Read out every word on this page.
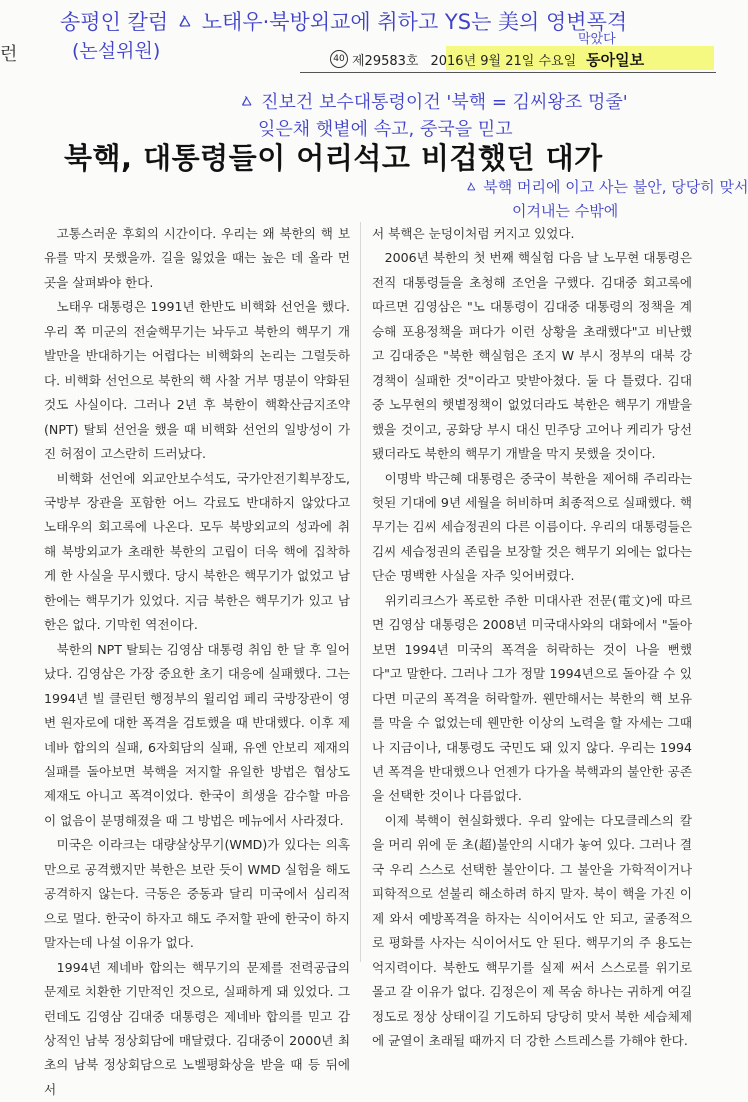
런
송평인 칼럼 ㅿ 노태우·북방외교에 취하고 YS는 美의 영변폭격
(논설위원)
막았다
40 제29583호 2016년 9월 21일 수요일 동아일보
ㅿ 진보건 보수대통령이건 '북핵 = 김씨왕조 멍줄'
잊은채 햇볕에 속고, 중국을 믿고
북핵, 대통령들이 어리석고 비겁했던 대가
ㅿ 북핵 머리에 이고 사는 불안, 당당히 맞서
이겨내는 수밖에

고통스러운 후회의 시간이다. 우리는 왜 북한의 핵 보유를 막지 못했을까. 길을 잃었을 때는 높은 데 올라 먼 곳을 살펴봐야 한다.

노태우 대통령은 1991년 한반도 비핵화 선언을 했다. 우리 쪽 미군의 전술핵무기는 놔두고 북한의 핵무기 개발만을 반대하기는 어렵다는 비핵화의 논리는 그럴듯하다. 비핵화 선언으로 북한의 핵 사찰 거부 명분이 약화된 것도 사실이다. 그러나 2년 후 북한이 핵확산금지조약(NPT) 탈퇴 선언을 했을 때 비핵화 선언의 일방성이 가진 허점이 고스란히 드러났다.

비핵화 선언에 외교안보수석도, 국가안전기획부장도, 국방부 장관을 포함한 어느 각료도 반대하지 않았다고 노태우의 회고록에 나온다. 모두 북방외교의 성과에 취해 북방외교가 초래한 북한의 고립이 더욱 핵에 집착하게 한 사실을 무시했다. 당시 북한은 핵무기가 없었고 남한에는 핵무기가 있었다. 지금 북한은 핵무기가 있고 남한은 없다. 기막힌 역전이다.

북한의 NPT 탈퇴는 김영삼 대통령 취임 한 달 후 일어났다. 김영삼은 가장 중요한 초기 대응에 실패했다. 그는 1994년 빌 클린턴 행정부의 윌리엄 페리 국방장관이 영변 원자로에 대한 폭격을 검토했을 때 반대했다. 이후 제네바 합의의 실패, 6자회담의 실패, 유엔 안보리 제재의 실패를 돌아보면 북핵을 저지할 유일한 방법은 협상도 제재도 아니고 폭격이었다. 한국이 희생을 감수할 마음이 없음이 분명해졌을 때 그 방법은 메뉴에서 사라졌다.

미국은 이라크는 대량살상무기(WMD)가 있다는 의혹만으로 공격했지만 북한은 보란 듯이 WMD 실험을 해도 공격하지 않는다. 극동은 중동과 달리 미국에서 심리적으로 멀다. 한국이 하자고 해도 주저할 판에 한국이 하지 말자는데 나설 이유가 없다.

1994년 제네바 합의는 핵무기의 문제를 전력공급의 문제로 치환한 기만적인 것으로, 실패하게 돼 있었다. 그런데도 김영삼 김대중 대통령은 제네바 합의를 믿고 감상적인 남북 정상회담에 매달렸다. 김대중이 2000년 최초의 남북 정상회담으로 노벨평화상을 받을 때 등 뒤에서

서 북핵은 눈덩이처럼 커지고 있었다.

2006년 북한의 첫 번째 핵실험 다음 날 노무현 대통령은 전직 대통령들을 초청해 조언을 구했다. 김대중 회고록에 따르면 김영삼은 "노 대통령이 김대중 대통령의 정책을 계승해 포용정책을 펴다가 이런 상황을 초래했다"고 비난했고 김대중은 "북한 핵실험은 조지 W 부시 정부의 대북 강경책이 실패한 것"이라고 맞받아쳤다. 둘 다 틀렸다. 김대중 노무현의 햇볕정책이 없었더라도 북한은 핵무기 개발을 했을 것이고, 공화당 부시 대신 민주당 고어나 케리가 당선됐더라도 북한의 핵무기 개발을 막지 못했을 것이다.

이명박 박근혜 대통령은 중국이 북한을 제어해 주리라는 헛된 기대에 9년 세월을 허비하며 최종적으로 실패했다. 핵무기는 김씨 세습정권의 다른 이름이다. 우리의 대통령들은 김씨 세습정권의 존립을 보장할 것은 핵무기 외에는 없다는 단순 명백한 사실을 자주 잊어버렸다.

위키리크스가 폭로한 주한 미대사관 전문(電文)에 따르면 김영삼 대통령은 2008년 미국대사와의 대화에서 "돌아보면 1994년 미국의 폭격을 허락하는 것이 나을 뻔했다"고 말한다. 그러나 그가 정말 1994년으로 돌아갈 수 있다면 미군의 폭격을 허락할까. 웬만해서는 북한의 핵 보유를 막을 수 없었는데 웬만한 이상의 노력을 할 자세는 그때나 지금이나, 대통령도 국민도 돼 있지 않다. 우리는 1994년 폭격을 반대했으나 언젠가 다가올 북핵과의 불안한 공존을 선택한 것이나 다름없다.

이제 북핵이 현실화했다. 우리 앞에는 다모클레스의 칼을 머리 위에 둔 초(超)불안의 시대가 놓여 있다. 그러나 결국 우리 스스로 선택한 불안이다. 그 불안을 가학적이거나 피학적으로 섣불리 해소하려 하지 말자. 북이 핵을 가진 이제 와서 예방폭격을 하자는 식이어서도 안 되고, 굴종적으로 평화를 사자는 식이어서도 안 된다. 핵무기의 주 용도는 억지력이다. 북한도 핵무기를 실제 써서 스스로를 위기로 몰고 갈 이유가 없다. 김정은이 제 목숨 하나는 귀하게 여길 정도로 정상 상태이길 기도하되 당당히 맞서 북한 세습체제에 균열이 초래될 때까지 더 강한 스트레스를 가해야 한다.
